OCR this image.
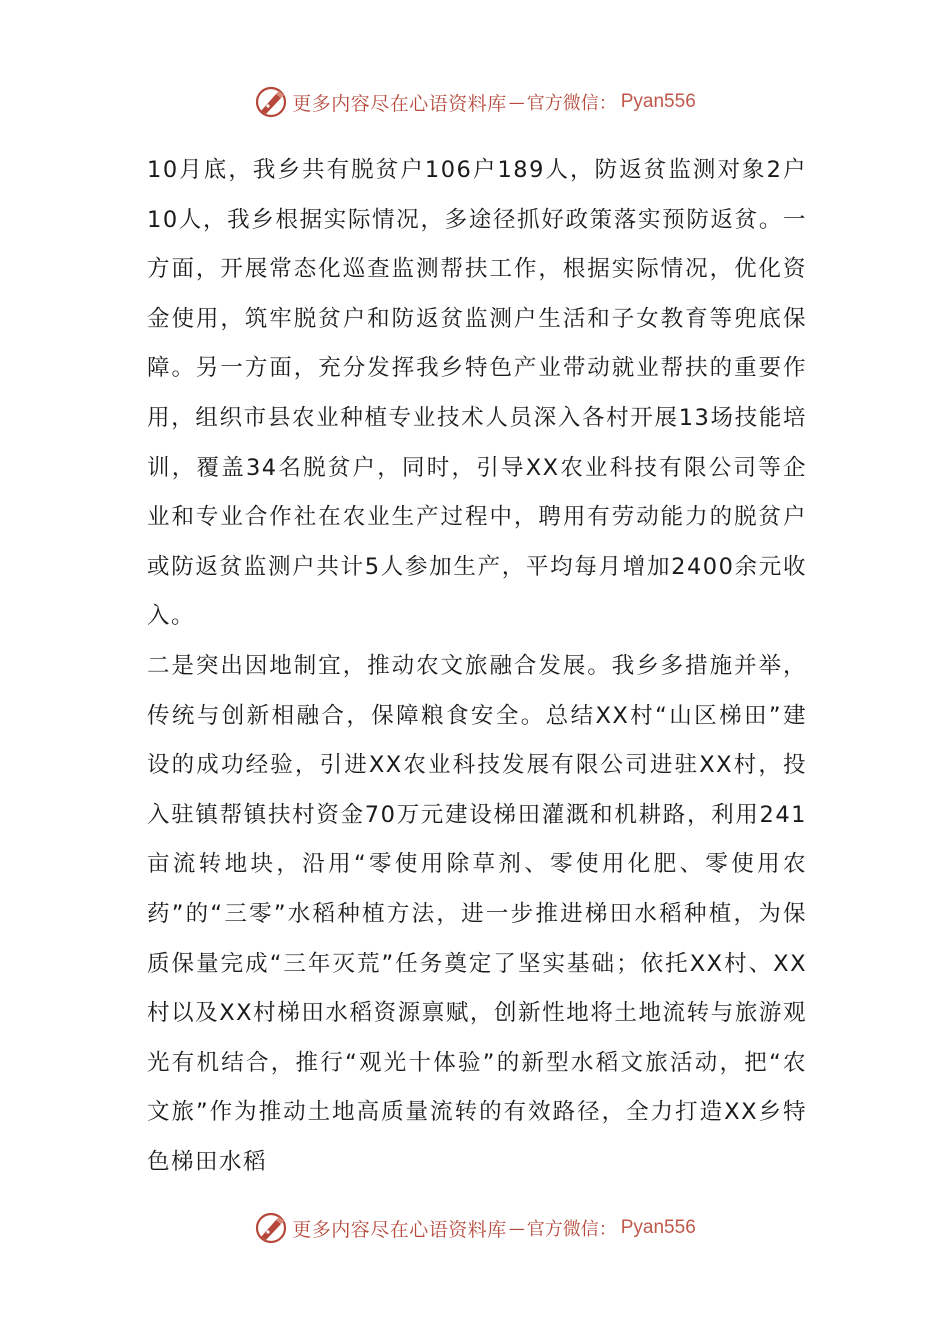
更多内容尽在心语资料库 — 官方微信： Pyan556

10月底，我乡共有脱贫户106户189人，防返贫监测对象2户10人，我乡根据实际情况，多途径抓好政策落实预防返贫。一方面，开展常态化巡查监测帮扶工作，根据实际情况，优化资金使用，筑牢脱贫户和防返贫监测户生活和子女教育等兜底保障。另一方面，充分发挥我乡特色产业带动就业帮扶的重要作用，组织市县农业种植专业技术人员深入各村开展13场技能培训，覆盖34名脱贫户，同时，引导XX农业科技有限公司等企业和专业合作社在农业生产过程中，聘用有劳动能力的脱贫户或防返贫监测户共计5人参加生产，平均每月增加2400余元收入。

二是突出因地制宜，推动农文旅融合发展。我乡多措施并举，传统与创新相融合，保障粮食安全。总结XX村“山区梯田”建设的成功经验，引进XX农业科技发展有限公司进驻XX村，投入驻镇帮镇扶村资金70万元建设梯田灌溉和机耕路，利用241亩流转地块，沿用“零使用除草剂、零使用化肥、零使用农药”的“三零”水稻种植方法，进一步推进梯田水稻种植，为保质保量完成“三年灭荒”任务奠定了坚实基础；依托XX村、XX村以及XX村梯田水稻资源禀赋，创新性地将土地流转与旅游观光有机结合，推行“观光十体验”的新型水稻文旅活动，把“农文旅”作为推动土地高质量流转的有效路径，全力打造XX乡特色梯田水稻

更多内容尽在心语资料库 — 官方微信： Pyan556
